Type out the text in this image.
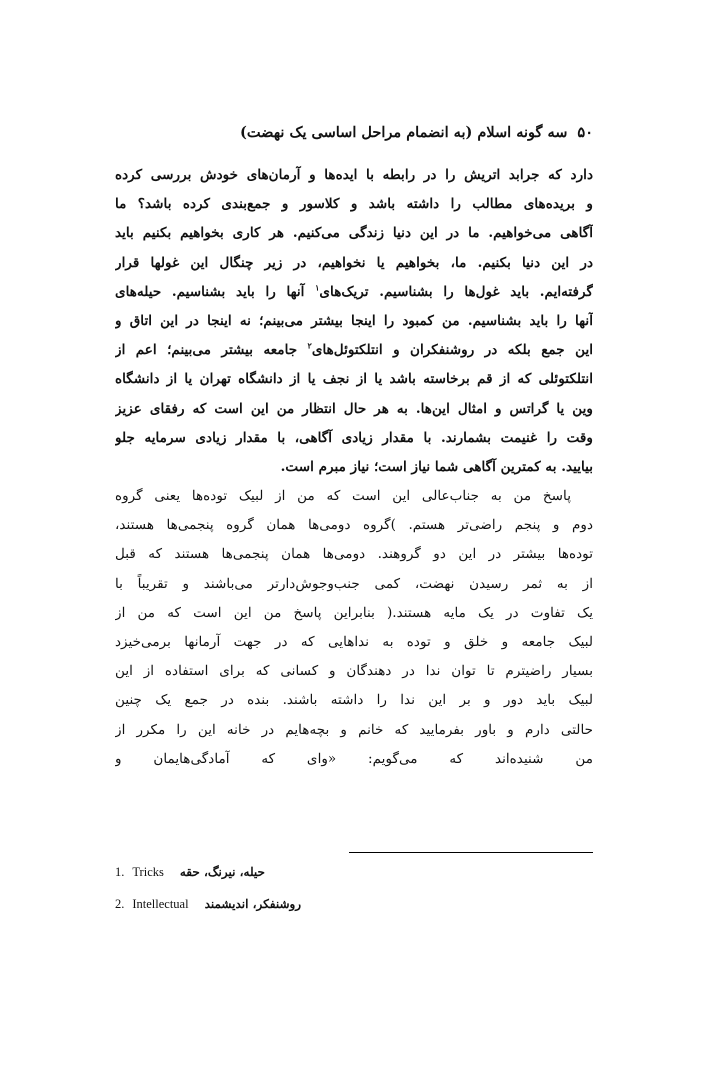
۵۰
سه گونه اسلام (به انضمام مراحل اساسی یک نهضت)
دارد که جرابد اتریش را در رابطه با ایده‌ها و آرمان‌های خودش بررسی کرده
و بریده‌های مطالب را داشته باشد و کلاسور و جمع‌بندی کرده باشد؟ ما
آگاهی می‌خواهیم. ما در این دنیا زندگی می‌کنیم. هر کاری بخواهیم بکنیم باید
در این دنیا بکنیم. ما، بخواهیم یا نخواهیم، در زیر چنگال این غولها قرار
گرفته‌ایم. باید غول‌ها را بشناسیم. تریک‌های$^۱$ آنها را باید بشناسیم. حیله‌های
آنها را باید بشناسیم. من کمبود را اینجا بیشتر می‌بینم؛ نه اینجا در این اتاق و
این جمع بلکه در روشنفکران و انتلکتوئل‌های$^۲$ جامعه بیشتر می‌بینم؛ اعم از
انتلکتوئلی که از قم برخاسته باشد یا از نجف یا از دانشگاه تهران یا از دانشگاه
وین یا گراتس و امثال این‌ها. به هر حال انتظار من این است که رفقای عزیز
وقت را غنیمت بشمارند. با مقدار زیادی آگاهی، با مقدار زیادی سرمایه جلو
بیایید. به کمترین آگاهی شما نیاز است؛ نیاز مبرم است.
پاسخ من به جناب‌عالی این است که من از لبیک توده‌ها یعنی گروه
دوم و پنجم راضی‌تر هستم. )گروه دومی‌ها همان گروه پنجمی‌ها هستند،
توده‌ها بیشتر در این دو گروهند. دومی‌ها همان پنجمی‌ها هستند که قبل
از به ثمر رسیدن نهضت، کمی جنب‌وجوش‌دارتر می‌باشند و تقریباً با
یک تفاوت در یک مایه هستند.( بنابراین پاسخ من این است که من از
لبیک جامعه و خلق و توده به نداهایی که در جهت آرمانها برمی‌خیزد
بسیار راضیترم تا توان ندا در دهندگان و کسانی که برای استفاده از این
لبیک باید دور و بر این ندا را داشته باشند. بنده در جمع یک چنین
حالتی دارم و باور بفرمایید که خانم و بچه‌هایم در خانه این را مکرر از
من شنیده‌اند که می‌گویم: «وای که آمادگی‌هایمان و
1. Tricks حیله، نیرنگ، حقه
2. Intellectual روشنفکر، اندیشمند
